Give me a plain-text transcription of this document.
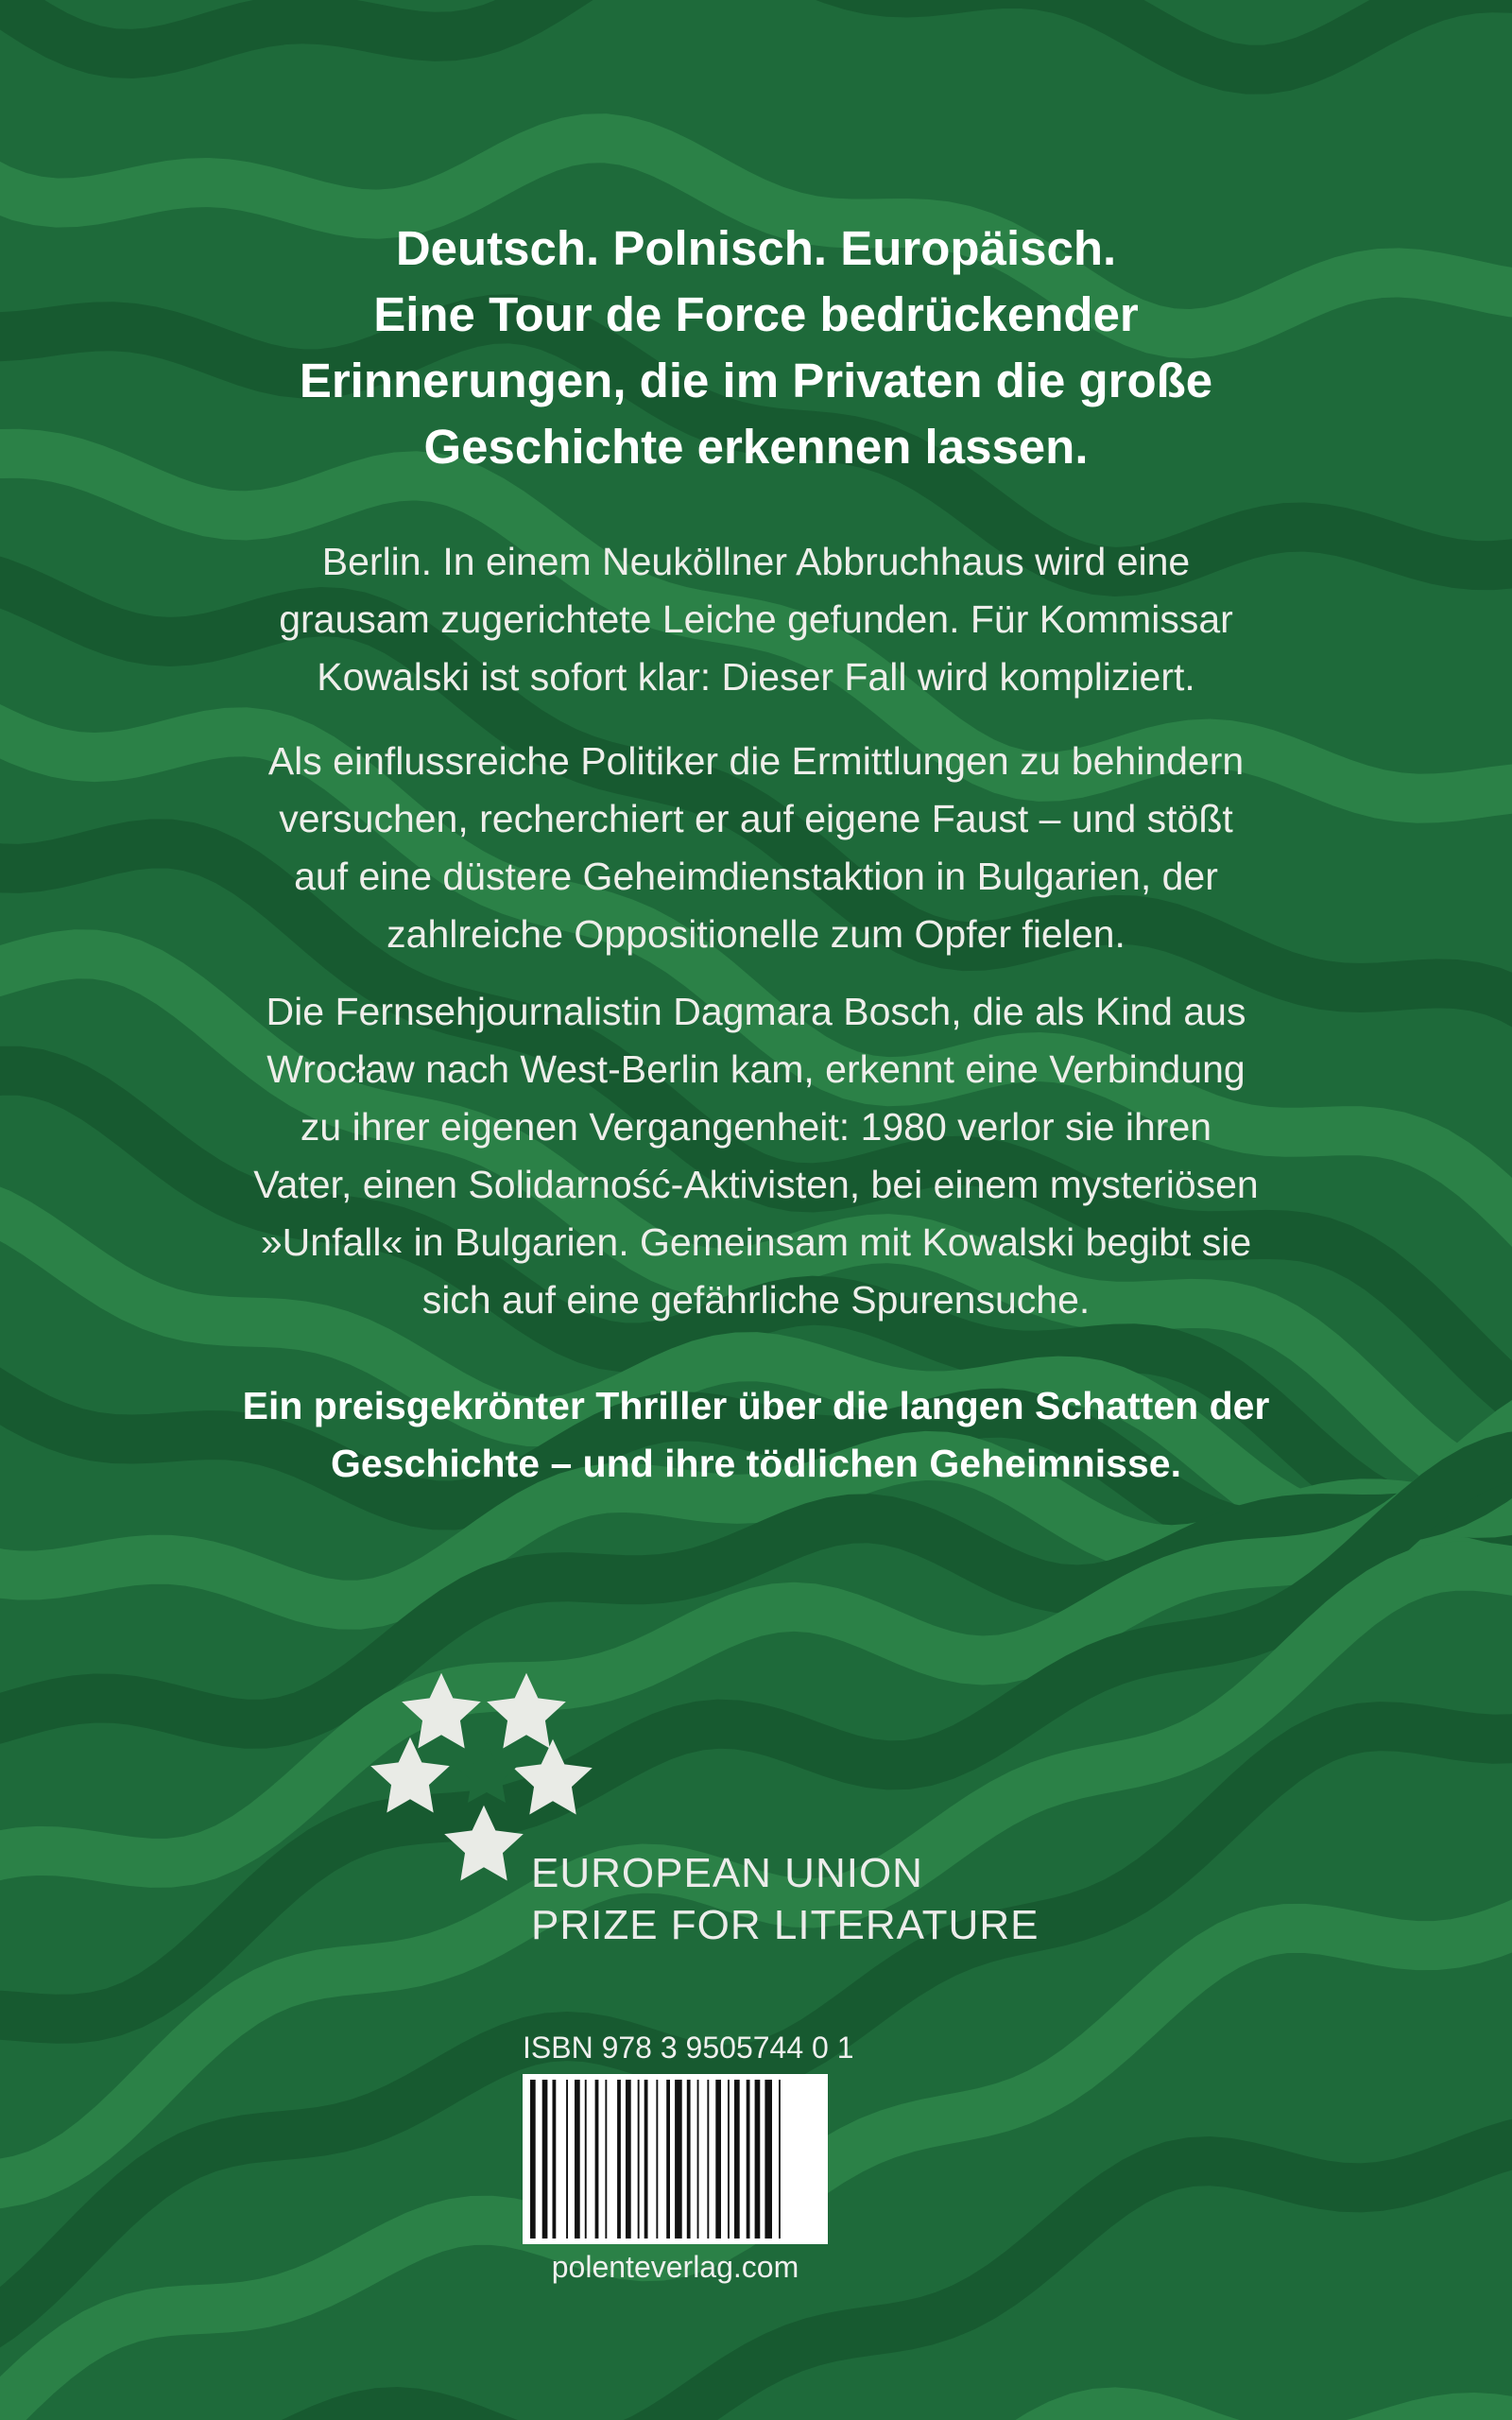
Deutsch. Polnisch. Europäisch.
Eine Tour de Force bedrückender
Erinnerungen, die im Privaten die große
Geschichte erkennen lassen.
Berlin. In einem Neuköllner Abbruchhaus wird eine
grausam zugerichtete Leiche gefunden. Für Kommissar
Kowalski ist sofort klar: Dieser Fall wird kompliziert.
Als einflussreiche Politiker die Ermittlungen zu behindern
versuchen, recherchiert er auf eigene Faust – und stößt
auf eine düstere Geheimdienstaktion in Bulgarien, der
zahlreiche Oppositionelle zum Opfer fielen.
Die Fernsehjournalistin Dagmara Bosch, die als Kind aus
Wrocław nach West-Berlin kam, erkennt eine Verbindung
zu ihrer eigenen Vergangenheit: 1980 verlor sie ihren
Vater, einen Solidarność-Aktivisten, bei einem mysteriösen
»Unfall« in Bulgarien. Gemeinsam mit Kowalski begibt sie
sich auf eine gefährliche Spurensuche.
Ein preisgekrönter Thriller über die langen Schatten der
Geschichte – und ihre tödlichen Geheimnisse.
EUROPEAN UNION
PRIZE FOR LITERATURE
ISBN 978 3 9505744 0 1
polenteverlag.com
